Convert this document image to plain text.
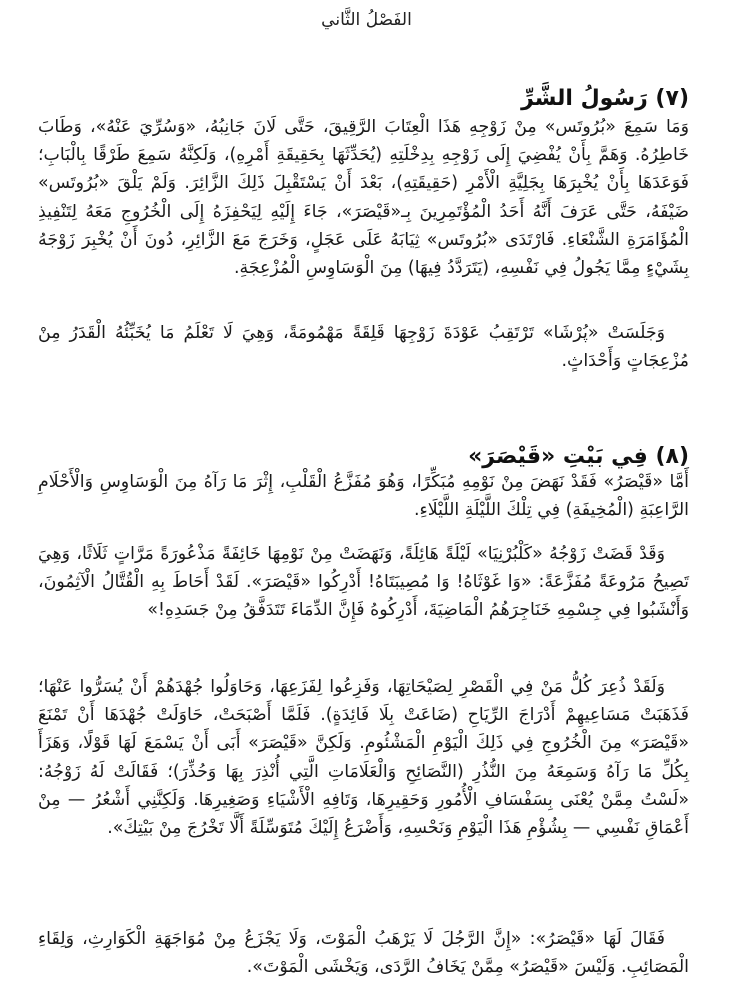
الفَصْلُ الثَّاني
(٧) رَسُولُ الشَّرِّ

وَمَا سَمِعَ «بُرُوتَس» مِنْ زَوْجِهِ هَذَا الْعِتَابَ الرَّقِيقَ، حَتَّى لَانَ جَانِبُهُ، «وَسُرِّيَ عَنْهُ»، وَطَابَ خَاطِرُهُ. وَهَمَّ بِأَنْ يُفْضِيَ إِلَى زَوْجِهِ بِدِخْلَتِهِ (يُحَدِّثَهَا بِحَقِيقَةِ أَمْرِهِ)، وَلَكِنَّهُ سَمِعَ طَرْقًا بِالْبَابِ؛ فَوَعَدَهَا بِأَنْ يُخْبِرَهَا بِجَلِيَّةِ الْأَمْرِ (حَقِيقَتِهِ)، بَعْدَ أَنْ يَسْتَقْبِلَ ذَلِكَ الزَّائِرَ. وَلَمْ يَلْقَ «بُرُوتَس» ضَيْفَهُ، حَتَّى عَرَفَ أَنَّهُ أَحَدُ الْمُؤْتَمِرِينَ بِـ«قَيْصَرَ»، جَاءَ إِلَيْهِ لِيَحْفِزَهُ إِلَى الْخُرُوجِ مَعَهُ لِتَنْفِيذِ الْمُؤَامَرَةِ الشَّنْعَاءِ. فَارْتَدَى «بُرُوتَس» ثِيَابَهُ عَلَى عَجَلٍ، وَخَرَجَ مَعَ الزَّائِرِ، دُونَ أَنْ يُخْبِرَ زَوْجَهُ بِشَيْءٍ مِمَّا يَجُولُ فِي نَفْسِهِ، (يَتَرَدَّدُ فِيهَا) مِنَ الْوَسَاوِسِ الْمُزْعِجَةِ.

وَجَلَسَتْ «پُرْشَا» تَرْتَقِبُ عَوْدَةَ زَوْجِهَا قَلِقَةً مَهْمُومَةً، وَهِيَ لَا تَعْلَمُ مَا يُخَبِّئُهُ الْقَدَرُ مِنْ مُزْعِجَاتٍ وَأَحْدَاثٍ.

(٨) فِي بَيْتِ «قَيْصَرَ»

أَمَّا «قَيْصَرُ» فَقَدْ نَهَضَ مِنْ نَوْمِهِ مُبَكِّرًا، وَهُوَ مُفَزَّعُ الْقَلْبِ، إِثْرَ مَا رَآهُ مِنَ الْوَسَاوِسِ وَالْأَحْلَامِ الرَّاعِبَةِ (الْمُخِيفَةِ) فِي تِلْكَ اللَّيْلَةِ اللَّيْلَاءِ.

وَقَدْ قَضَتْ زَوْجُهُ «كَلْبُرْنِيَا» لَيْلَةً هَائِلَةً، وَنَهَضَتْ مِنْ نَوْمِهَا خَائِفَةً مَذْعُورَةً مَرَّاتٍ ثَلَاثًا، وَهِيَ تَصِيحُ مَرُوعَةً مُفَزَّعَةً: «وَا غَوْثَاهُ! وَا مُصِيبَتَاهُ! أَدْرِكُوا «قَيْصَرَ». لَقَدْ أَحَاطَ بِهِ الْقُتَّالُ الْآثِمُونَ، وَأَنْشَبُوا فِي جِسْمِهِ خَنَاجِرَهُمُ الْمَاضِيَةَ، أَدْرِكُوهُ فَإِنَّ الدِّمَاءَ تَتَدَفَّقُ مِنْ جَسَدِهِ!»

وَلَقَدْ ذُعِرَ كُلُّ مَنْ فِي الْقَصْرِ لِصَيْحَاتِهَا، وَفَزِعُوا لِفَزَعِهَا، وَحَاوَلُوا جُهْدَهُمْ أَنْ يُسَرُّوا عَنْهَا؛ فَذَهَبَتْ مَسَاعِيهِمْ أَدْرَاجَ الرِّيَاحِ (ضَاعَتْ بِلَا فَائِدَةٍ). فَلَمَّا أَصْبَحَتْ، حَاوَلَتْ جُهْدَهَا أَنْ تَمْنَعَ «قَيْصَرَ» مِنَ الْخُرُوجِ فِي ذَلِكَ الْيَوْمِ الْمَشْئُومِ. وَلَكِنَّ «قَيْصَرَ» أَبَى أَنْ يَسْمَعَ لَهَا قَوْلًا، وَهَزَأَ بِكُلِّ مَا رَآهُ وَسَمِعَهُ مِنَ النُّذُرِ (النَّصَائِحِ وَالْعَلَامَاتِ الَّتِي أُنْذِرَ بِهَا وَحُذِّرَ)؛ فَقَالَتْ لَهُ زَوْجُهُ: «لَسْتُ مِمَّنْ يُعْنَى بِسَفْسَافِ الْأُمُورِ وَحَقِيرِهَا، وَتَافِهِ الْأَشْيَاءِ وَصَغِيرِهَا. وَلَكِنَّنِي أَشْعُرُ — مِنْ أَعْمَاقِ نَفْسِي — بِشُؤْمِ هَذَا الْيَوْمِ وَنَحْسِهِ، وَأَضْرَعُ إِلَيْكَ مُتَوَسِّلَةً أَلَّا تَخْرُجَ مِنْ بَيْتِكَ».

فَقَالَ لَهَا «قَيْصَرُ»: «إِنَّ الرَّجُلَ لَا يَرْهَبُ الْمَوْتَ، وَلَا يَجْزَعُ مِنْ مُوَاجَهَةِ الْكَوَارِثِ، وَلِقَاءِ الْمَصَائِبِ. وَلَيْسَ «قَيْصَرُ» مِمَّنْ يَخَافُ الرَّدَى، وَيَخْشَى الْمَوْتَ».
